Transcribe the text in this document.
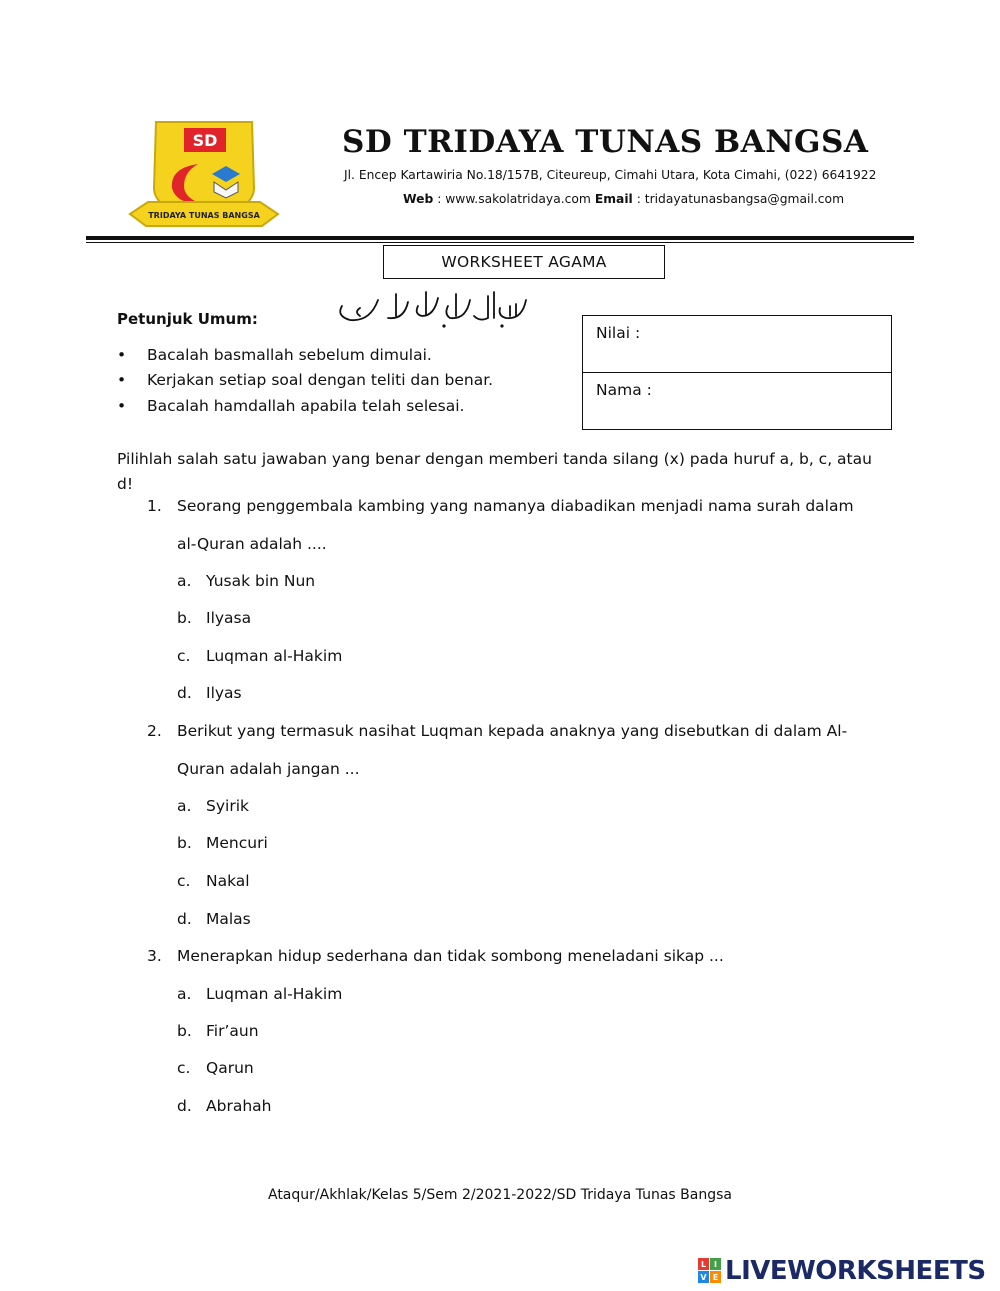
SD
TRIDAYA TUNAS BANGSA
SD TRIDAYA TUNAS BANGSA
Jl. Encep Kartawiria No.18/157B, Citeureup, Cimahi Utara, Kota Cimahi, (022) 6641922
Web : www.sakolatridaya.com Email : tridayatunasbangsa@gmail.com
WORKSHEET AGAMA
Petunjuk Umum:
• Bacalah basmallah sebelum dimulai.
• Kerjakan setiap soal dengan teliti dan benar.
• Bacalah hamdallah apabila telah selesai.
Nilai :
Nama :
Pilihlah salah satu jawaban yang benar dengan memberi tanda silang (x) pada huruf a, b, c, atau d!
1. Seorang penggembala kambing yang namanya diabadikan menjadi nama surah dalam
al-Quran adalah ....
a. Yusak bin Nun
b. Ilyasa
c. Luqman al-Hakim
d. Ilyas
2. Berikut yang termasuk nasihat Luqman kepada anaknya yang disebutkan di dalam Al-
Quran adalah jangan ...
a. Syirik
b. Mencuri
c. Nakal
d. Malas
3. Menerapkan hidup sederhana dan tidak sombong meneladani sikap ...
a. Luqman al-Hakim
b. Fir’aun
c. Qarun
d. Abrahah
Ataqur/Akhlak/Kelas 5/Sem 2/2021-2022/SD Tridaya Tunas Bangsa
L I
V E LIVEWORKSHEETS
